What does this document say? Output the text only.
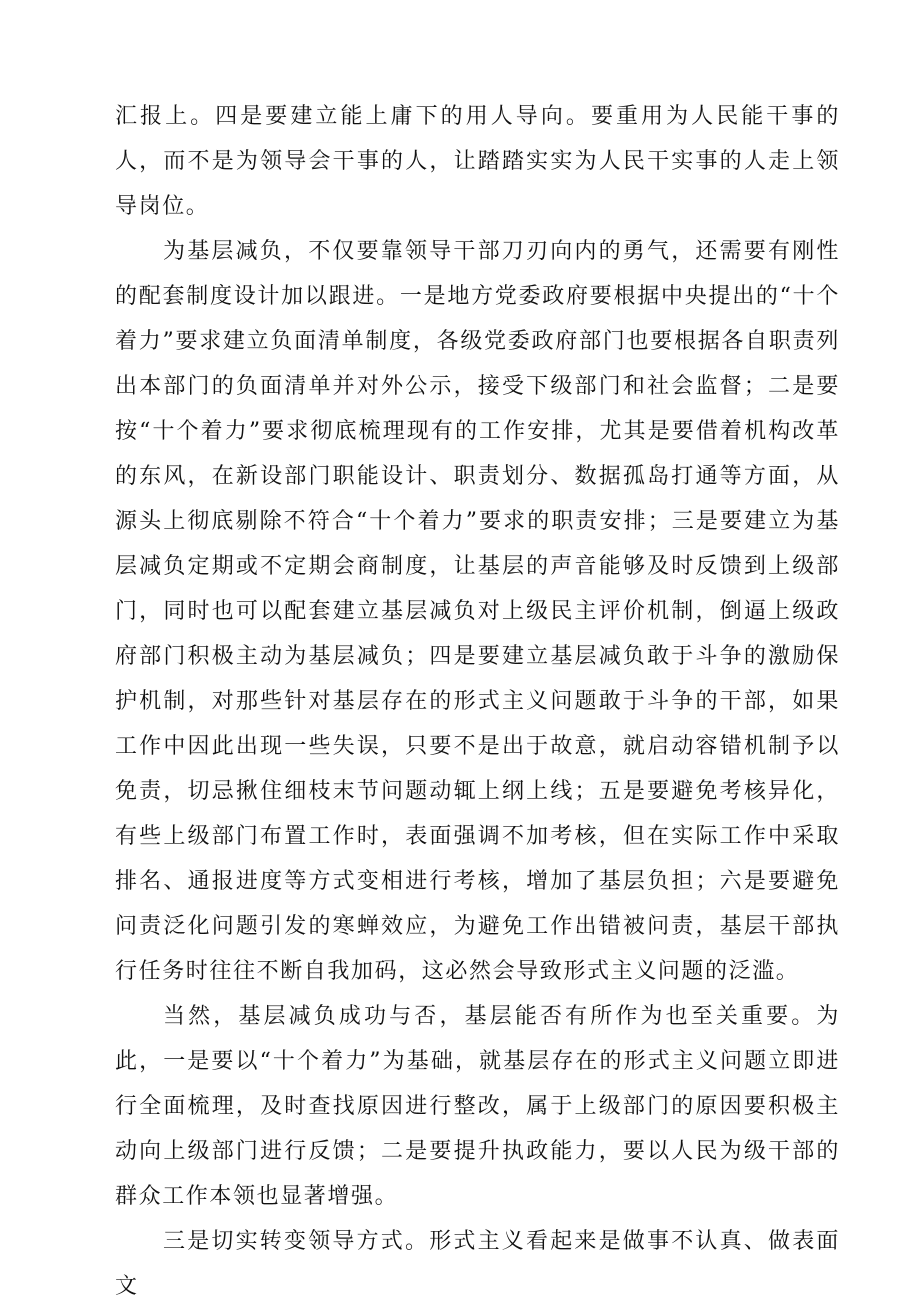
汇报上。四是要建立能上庸下的用人导向。要重用为人民能干事的人，而不是为领导会干事的人，让踏踏实实为人民干实事的人走上领导岗位。

为基层减负，不仅要靠领导干部刀刃向内的勇气，还需要有刚性的配套制度设计加以跟进。一是地方党委政府要根据中央提出的“十个着力”要求建立负面清单制度，各级党委政府部门也要根据各自职责列出本部门的负面清单并对外公示，接受下级部门和社会监督；二是要按“十个着力”要求彻底梳理现有的工作安排，尤其是要借着机构改革的东风，在新设部门职能设计、职责划分、数据孤岛打通等方面，从源头上彻底剔除不符合“十个着力”要求的职责安排；三是要建立为基层减负定期或不定期会商制度，让基层的声音能够及时反馈到上级部门，同时也可以配套建立基层减负对上级民主评价机制，倒逼上级政府部门积极主动为基层减负；四是要建立基层减负敢于斗争的激励保护机制，对那些针对基层存在的形式主义问题敢于斗争的干部，如果工作中因此出现一些失误，只要不是出于故意，就启动容错机制予以免责，切忌揪住细枝末节问题动辄上纲上线；五是要避免考核异化，有些上级部门布置工作时，表面强调不加考核，但在实际工作中采取排名、通报进度等方式变相进行考核，增加了基层负担；六是要避免问责泛化问题引发的寒蝉效应，为避免工作出错被问责，基层干部执行任务时往往不断自我加码，这必然会导致形式主义问题的泛滥。

当然，基层减负成功与否，基层能否有所作为也至关重要。为此，一是要以“十个着力”为基础，就基层存在的形式主义问题立即进行全面梳理，及时查找原因进行整改，属于上级部门的原因要积极主动向上级部门进行反馈；二是要提升执政能力，要以人民为级干部的群众工作本领也显著增强。

三是切实转变领导方式。形式主义看起来是做事不认真、做表面文
